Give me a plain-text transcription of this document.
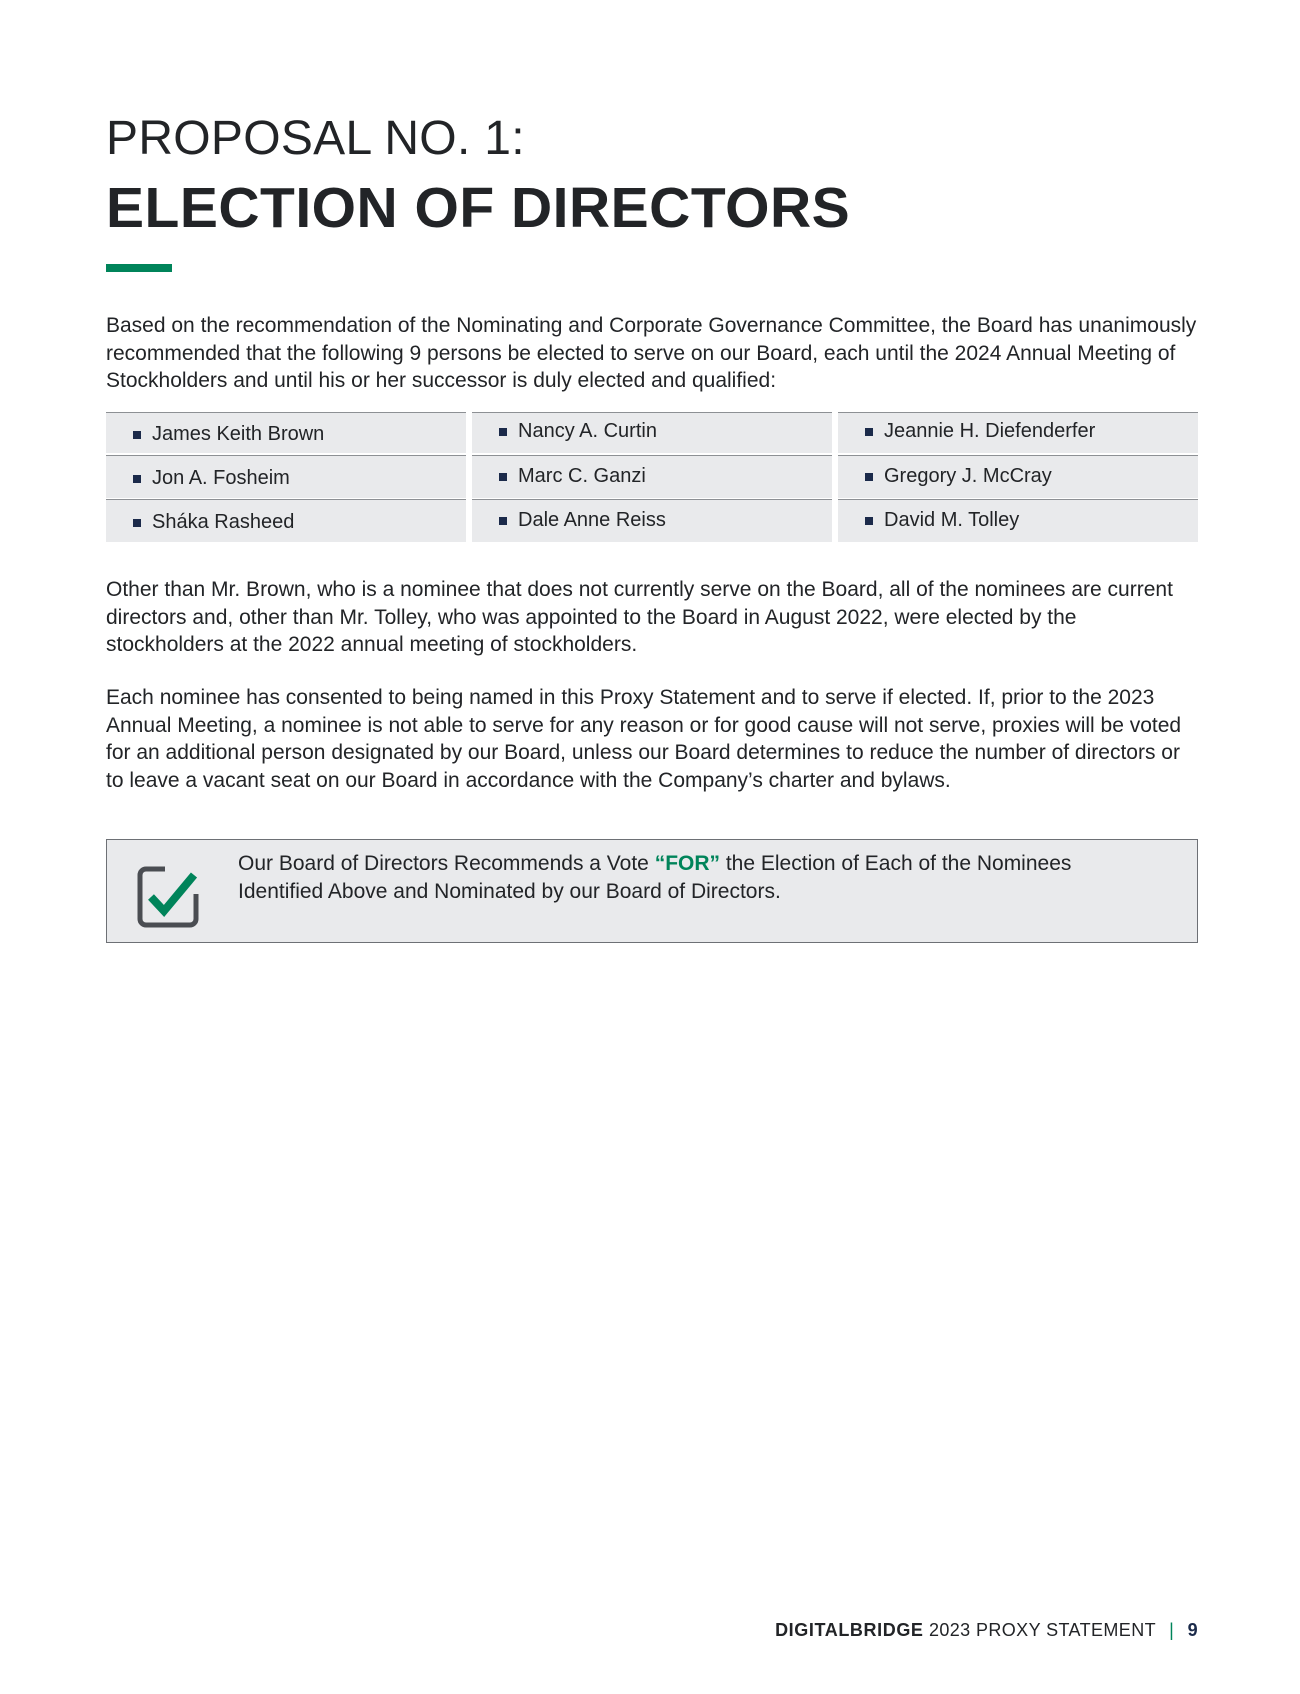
PROPOSAL NO. 1:
ELECTION OF DIRECTORS

Based on the recommendation of the Nominating and Corporate Governance Committee, the Board has unanimously recommended that the following 9 persons be elected to serve on our Board, each until the 2024 Annual Meeting of Stockholders and until his or her successor is duly elected and qualified:

James Keith Brown
Jon A. Fosheim
Sháka Rasheed
Nancy A. Curtin
Marc C. Ganzi
Dale Anne Reiss
Jeannie H. Diefenderfer
Gregory J. McCray
David M. Tolley

Other than Mr. Brown, who is a nominee that does not currently serve on the Board, all of the nominees are current directors and, other than Mr. Tolley, who was appointed to the Board in August 2022, were elected by the stockholders at the 2022 annual meeting of stockholders.

Each nominee has consented to being named in this Proxy Statement and to serve if elected. If, prior to the 2023 Annual Meeting, a nominee is not able to serve for any reason or for good cause will not serve, proxies will be voted for an additional person designated by our Board, unless our Board determines to reduce the number of directors or to leave a vacant seat on our Board in accordance with the Company’s charter and bylaws.

Our Board of Directors Recommends a Vote “FOR” the Election of Each of the Nominees Identified Above and Nominated by our Board of Directors.
DIGITALBRIDGE 2023 PROXY STATEMENT | 9
